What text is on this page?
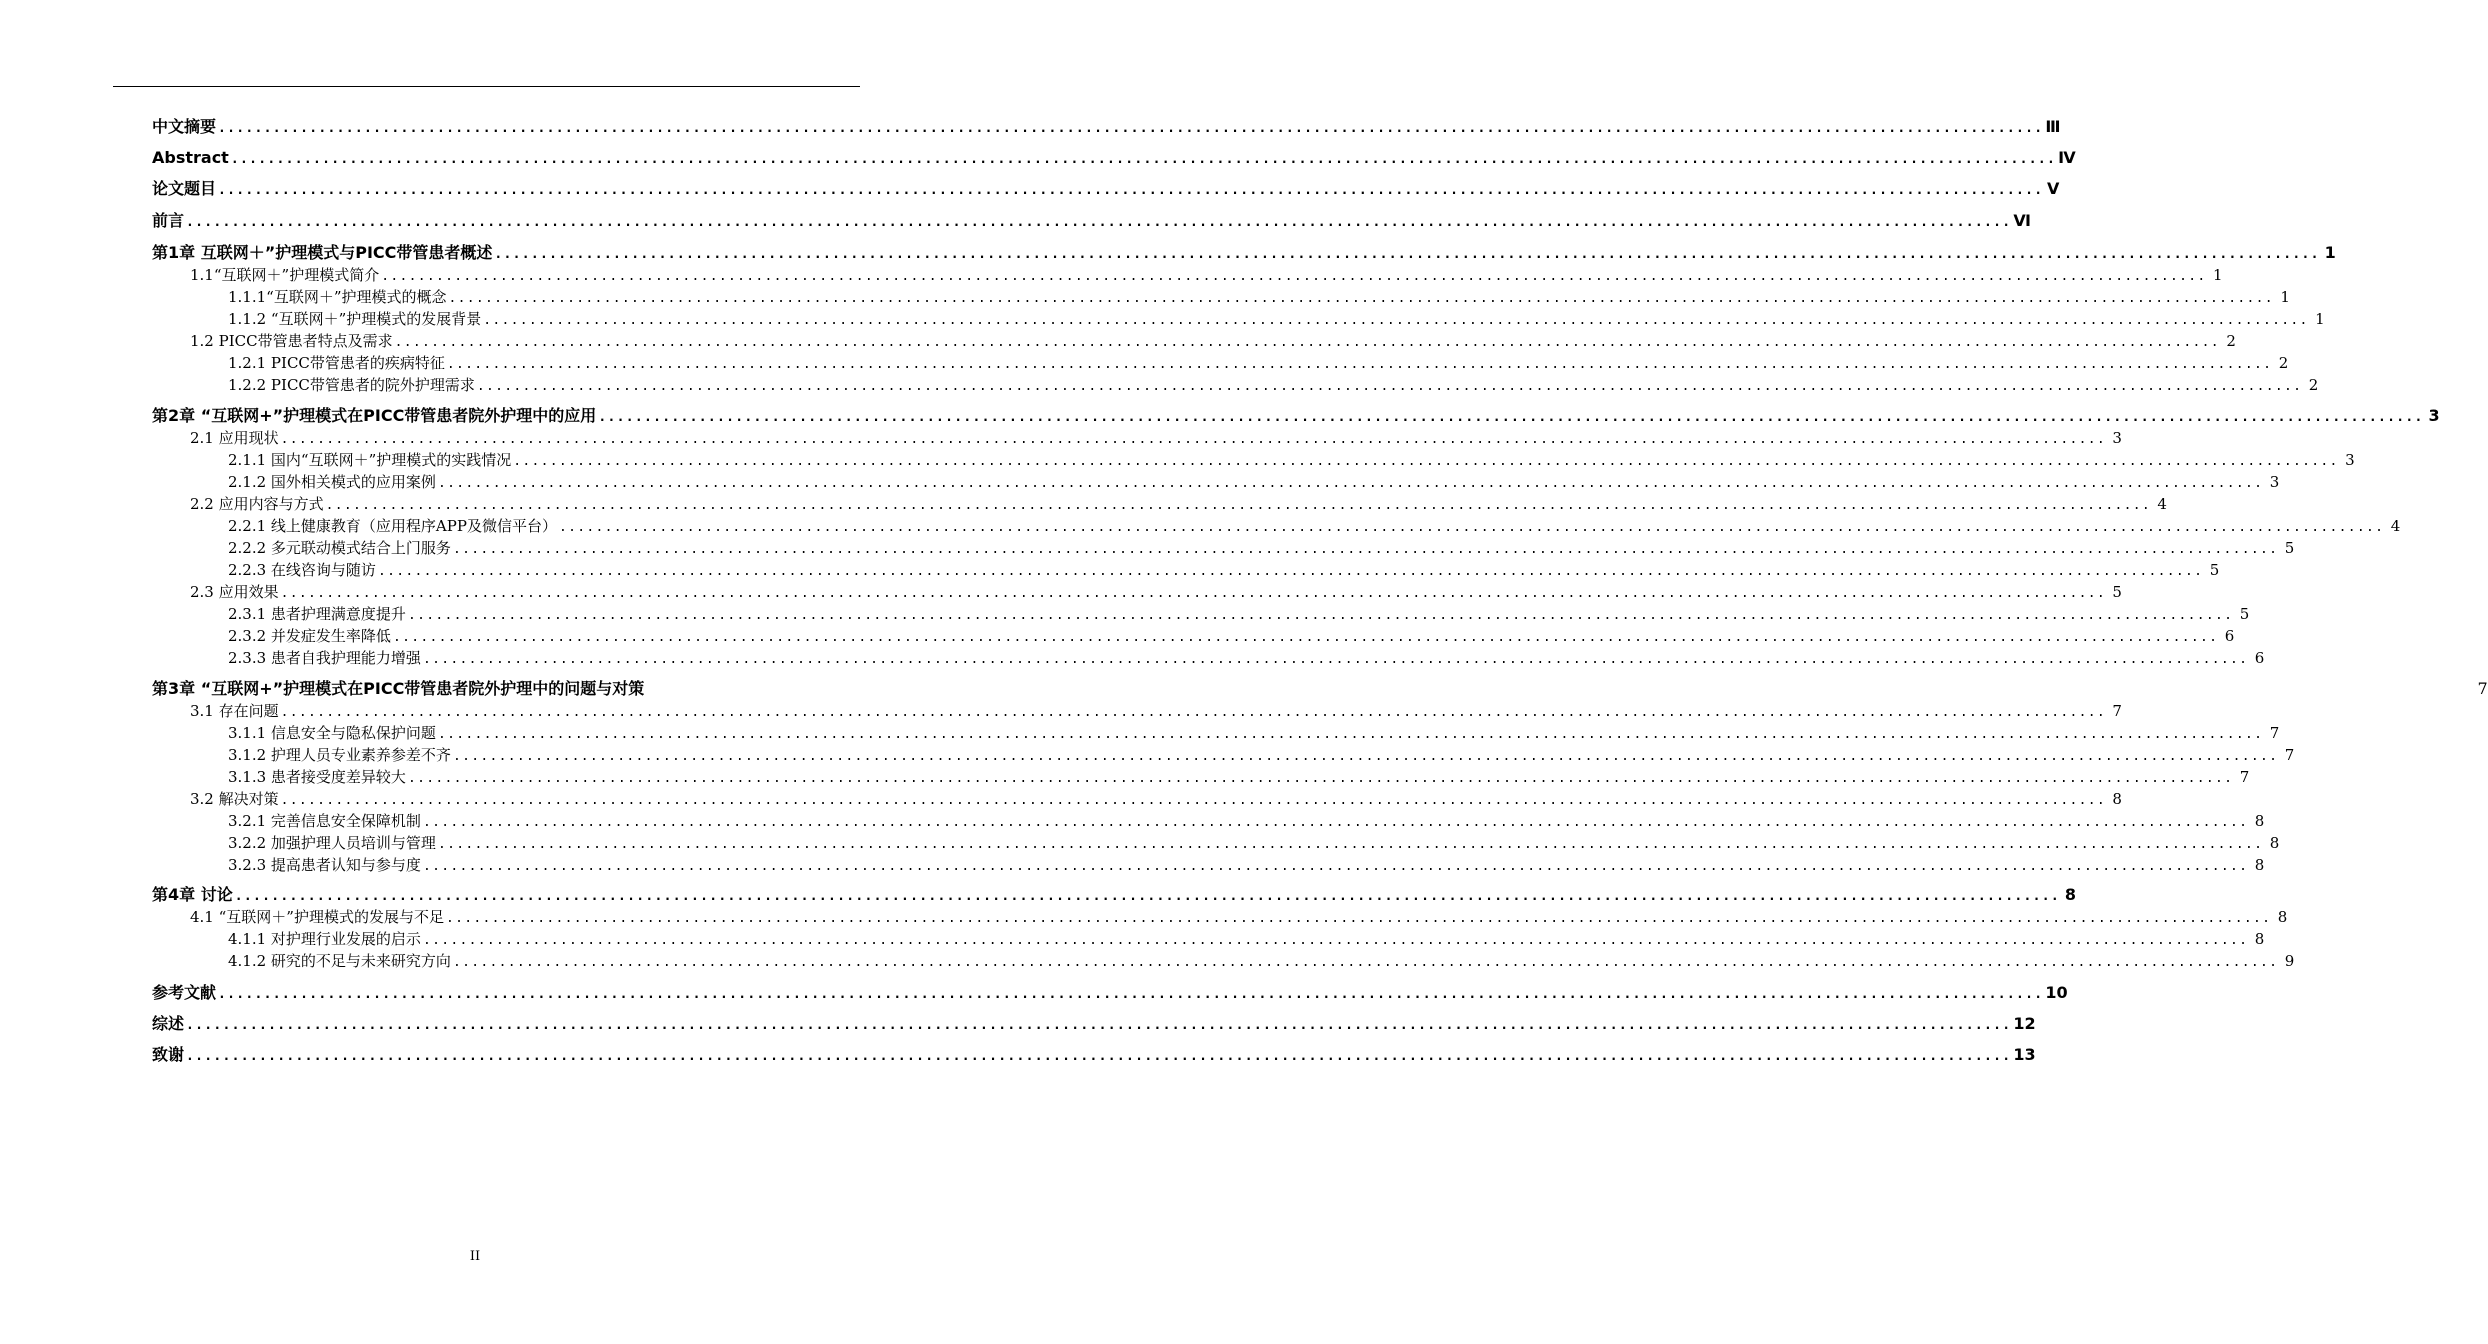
中文摘要 ........................................................................................................................................................................................................ Ⅲ
Abstract ........................................................................................................................................................................................................ Ⅳ
论文题目 ........................................................................................................................................................................................................ Ⅴ
前言 ........................................................................................................................................................................................................ Ⅵ
第1章 互联网＋”护理模式与PICC带管患者概述 ........................................................................................................................................................................................................ 1
1.1“互联网＋”护理模式简介 ........................................................................................................................................................................................................ 1
1.1.1“互联网＋”护理模式的概念 ........................................................................................................................................................................................................ 1
1.1.2 “互联网＋”护理模式的发展背景 ........................................................................................................................................................................................................ 1
1.2 PICC带管患者特点及需求 ........................................................................................................................................................................................................ 2
1.2.1 PICC带管患者的疾病特征 ........................................................................................................................................................................................................ 2
1.2.2 PICC带管患者的院外护理需求 ........................................................................................................................................................................................................ 2
第2章 “互联网+”护理模式在PICC带管患者院外护理中的应用 ........................................................................................................................................................................................................ 3
2.1 应用现状 ........................................................................................................................................................................................................ 3
2.1.1 国内“互联网＋”护理模式的实践情况 ........................................................................................................................................................................................................ 3
2.1.2 国外相关模式的应用案例 ........................................................................................................................................................................................................ 3
2.2 应用内容与方式 ........................................................................................................................................................................................................ 4
2.2.1 线上健康教育（应用程序APP及微信平台） ........................................................................................................................................................................................................ 4
2.2.2 多元联动模式结合上门服务 ........................................................................................................................................................................................................ 5
2.2.3 在线咨询与随访 ........................................................................................................................................................................................................ 5
2.3 应用效果 ........................................................................................................................................................................................................ 5
2.3.1 患者护理满意度提升 ........................................................................................................................................................................................................ 5
2.3.2 并发症发生率降低 ........................................................................................................................................................................................................ 6
2.3.3 患者自我护理能力增强 ........................................................................................................................................................................................................ 6
第3章 “互联网+”护理模式在PICC带管患者院外护理中的问题与对策	7
3.1 存在问题 ........................................................................................................................................................................................................ 7
3.1.1 信息安全与隐私保护问题 ........................................................................................................................................................................................................ 7
3.1.2 护理人员专业素养参差不齐 ........................................................................................................................................................................................................ 7
3.1.3 患者接受度差异较大 ........................................................................................................................................................................................................ 7
3.2 解决对策 ........................................................................................................................................................................................................ 8
3.2.1 完善信息安全保障机制 ........................................................................................................................................................................................................ 8
3.2.2 加强护理人员培训与管理 ........................................................................................................................................................................................................ 8
3.2.3 提高患者认知与参与度 ........................................................................................................................................................................................................ 8
第4章 讨论 ........................................................................................................................................................................................................ 8
4.1 “互联网＋”护理模式的发展与不足 ........................................................................................................................................................................................................ 8
4.1.1 对护理行业发展的启示 ........................................................................................................................................................................................................ 8
4.1.2 研究的不足与未来研究方向 ........................................................................................................................................................................................................ 9
参考文献 ........................................................................................................................................................................................................ 10
综述 ........................................................................................................................................................................................................ 12
致谢 ........................................................................................................................................................................................................ 13
II
